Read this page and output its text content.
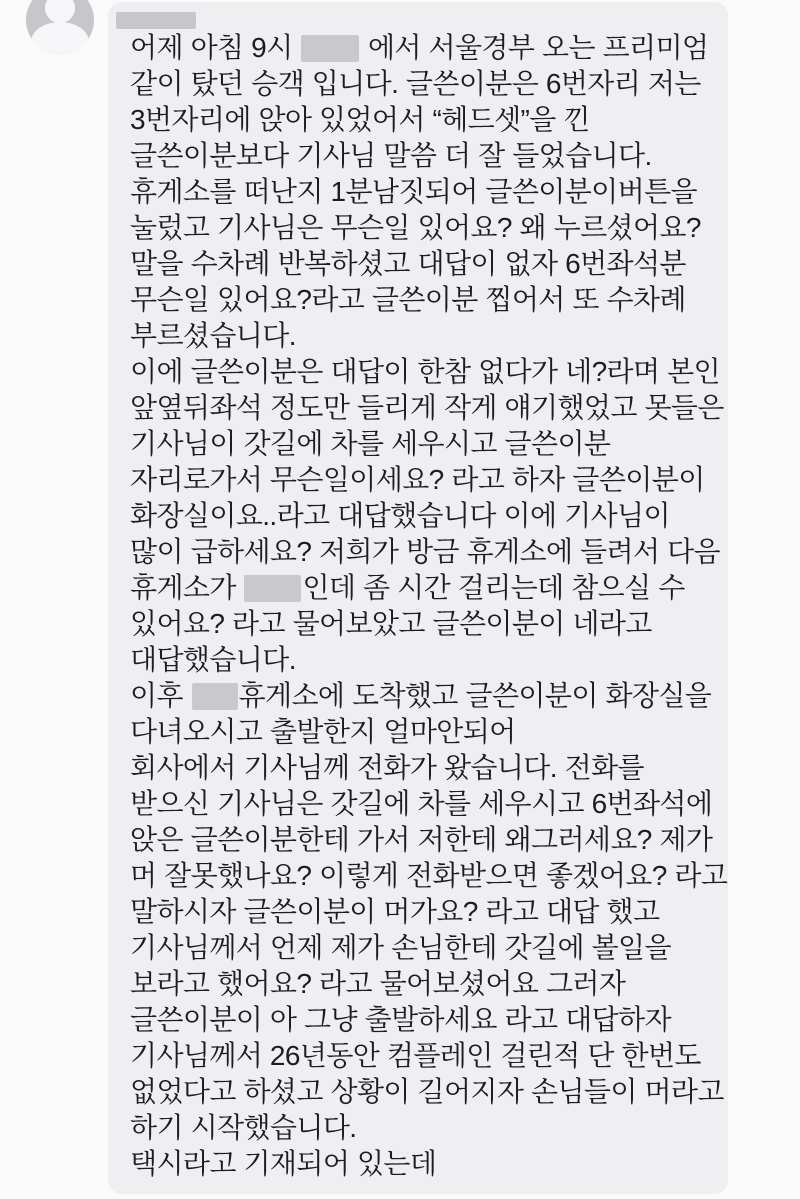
어제 아침 9시  에서 서울경부 오는 프리미엄
같이 탔던 승객 입니다. 글쓴이분은 6번자리 저는
3번자리에 앉아 있었어서 “헤드셋”을 낀
글쓴이분보다 기사님 말씀 더 잘 들었습니다.
휴게소를 떠난지 1분남짓되어 글쓴이분이버튼을
눌렀고 기사님은 무슨일 있어요? 왜 누르셨어요?
말을 수차례 반복하셨고 대답이 없자 6번좌석분
무슨일 있어요?라고 글쓴이분 찝어서 또 수차례
부르셨습니다.
이에 글쓴이분은 대답이 한참 없다가 네?라며 본인
앞옆뒤좌석 정도만 들리게 작게 얘기했었고 못들은
기사님이 갓길에 차를 세우시고 글쓴이분
자리로가서 무슨일이세요? 라고 하자 글쓴이분이
화장실이요..라고 대답했습니다 이에 기사님이
많이 급하세요? 저희가 방금 휴게소에 들려서 다음
휴게소가 인데 좀 시간 걸리는데 참으실 수
있어요? 라고 물어보았고 글쓴이분이 네라고
대답했습니다.
이후 휴게소에 도착했고 글쓴이분이 화장실을
다녀오시고 출발한지 얼마안되어
회사에서 기사님께 전화가 왔습니다. 전화를
받으신 기사님은 갓길에 차를 세우시고 6번좌석에
앉은 글쓴이분한테 가서 저한테 왜그러세요? 제가
머 잘못했나요? 이렇게 전화받으면 좋겠어요? 라고
말하시자 글쓴이분이 머가요? 라고 대답 했고
기사님께서 언제 제가 손님한테 갓길에 볼일을
보라고 했어요? 라고 물어보셨어요 그러자
글쓴이분이 아 그냥 출발하세요 라고 대답하자
기사님께서 26년동안 컴플레인 걸린적 단 한번도
없었다고 하셨고 상황이 길어지자 손님들이 머라고
하기 시작했습니다.
택시라고 기재되어 있는데
